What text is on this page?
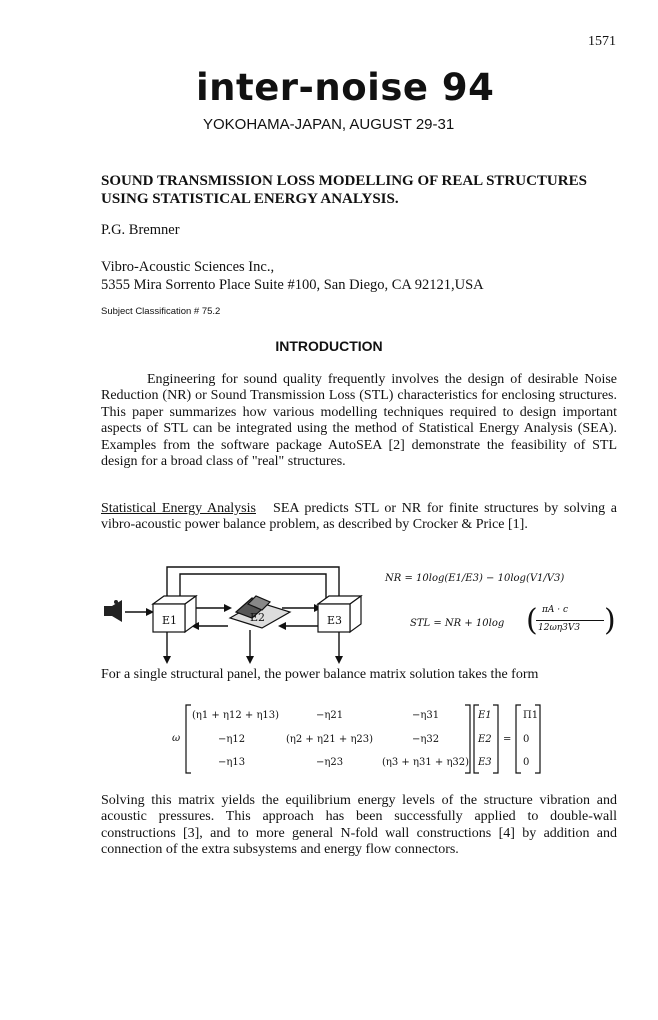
1571
inter-noise 94
YOKOHAMA-JAPAN, AUGUST 29-31
SOUND TRANSMISSION LOSS MODELLING OF REAL STRUCTURES USING STATISTICAL ENERGY ANALYSIS.
P.G. Bremner
Vibro-Acoustic Sciences Inc.,
5355 Mira Sorrento Place Suite #100, San Diego, CA 92121,USA
Subject Classification # 75.2
INTRODUCTION
Engineering for sound quality frequently involves the design of desirable Noise Reduction (NR) or Sound Transmission Loss (STL) characteristics for enclosing structures. This paper summarizes how various modelling techniques required to design important aspects of STL can be integrated using the method of Statistical Energy Analysis (SEA). Examples from the software package AutoSEA [2] demonstrate the feasibility of STL design for a broad class of "real" structures.
Statistical Energy Analysis SEA predicts STL or NR for finite structures by solving a vibro-acoustic power balance problem, as described by Crocker & Price [1].
E1	E2	E3
NR = 10log(E1/E3) − 10log(V1/V3)
STL = NR + 10log
πA · c
12ωη3V3
( )
For a single structural panel, the power balance matrix solution takes the form
ω
(η1 + η12 + η13)	−η21	−η31
−η12	(η2 + η21 + η23)	−η32
−η13	−η23	(η3 + η31 + η32)
E1
E2
E3
=
Π1
0
0
Solving this matrix yields the equilibrium energy levels of the structure vibration and acoustic pressures. This approach has been successfully applied to double-wall constructions [3], and to more general N-fold wall constructions [4] by addition and connection of the extra subsystems and energy flow connectors.
